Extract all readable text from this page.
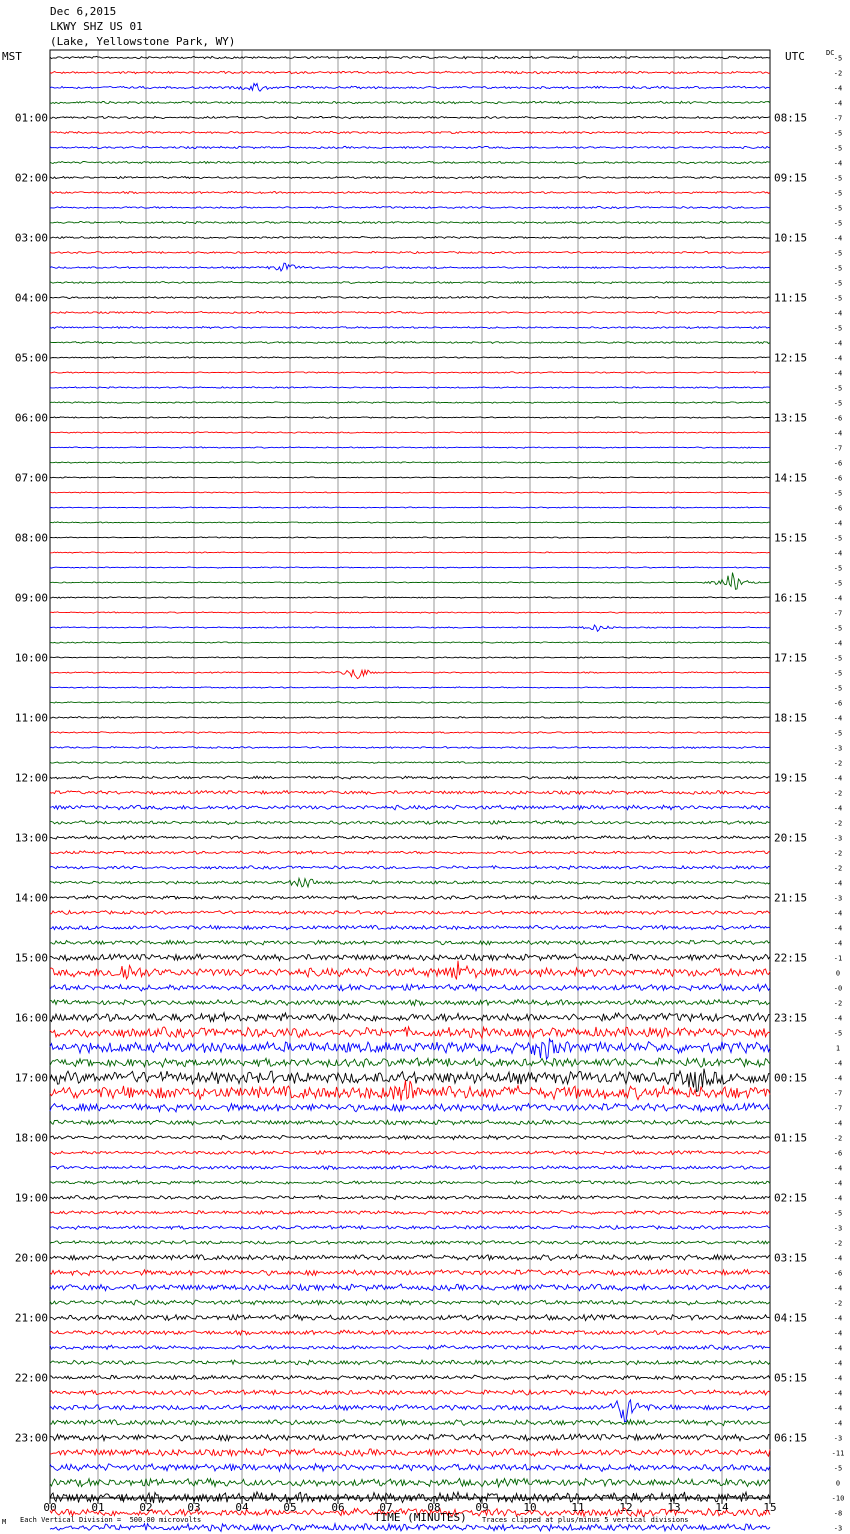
Dec 6,2015
LKWY SHZ US 01
(Lake, Yellowstone Park, WY)
MST	UTC	DC
00	01	02	03	04	05	06	07	08	09	10	11	12	13	14	15
-5
-2
-4
-4
-7
-5
-5
-4
-5
-5
-5
-5
-4
-5
-5
-5
-5
-4
-5
-4
-4
-4
-5
-5
-6
-4
-7
-6
-6
-5
-6
-4
-5
-4
-5
-5
-4
-7
-5
-4
-5
-5
-5
-6
-4
-5
-3
-2
-4
-2
-4
-2
-3
-2
-2
-4
-3
-4
-4
-4
-1
0
-0
-2
-4
-5
1
-4
-4
-7
-7
-4
-2
-6
-4
-4
-4
-5
-3
-2
-4
-6
-4
-2
-4
-4
-4
-4
-4
-4
-4
-4
-3
-11
-5
0
-10
-8
-3
01:00
02:00
03:00
04:00
05:00
06:00
07:00
08:00
09:00
10:00
11:00
12:00
13:00
14:00
15:00
16:00
17:00
18:00
19:00
20:00
21:00
22:00
23:00
08:15
09:15
10:15
11:15
12:15
13:15
14:15
15:15
16:15
17:15
18:15
19:15
20:15
21:15
22:15
23:15
00:15
01:15
02:15
03:15
04:15
05:15
06:15
TIME (MINUTES)
Each Vertical Division =  500.00 microvolts	Traces clipped at plus/minus 5 vertical divisions
M
